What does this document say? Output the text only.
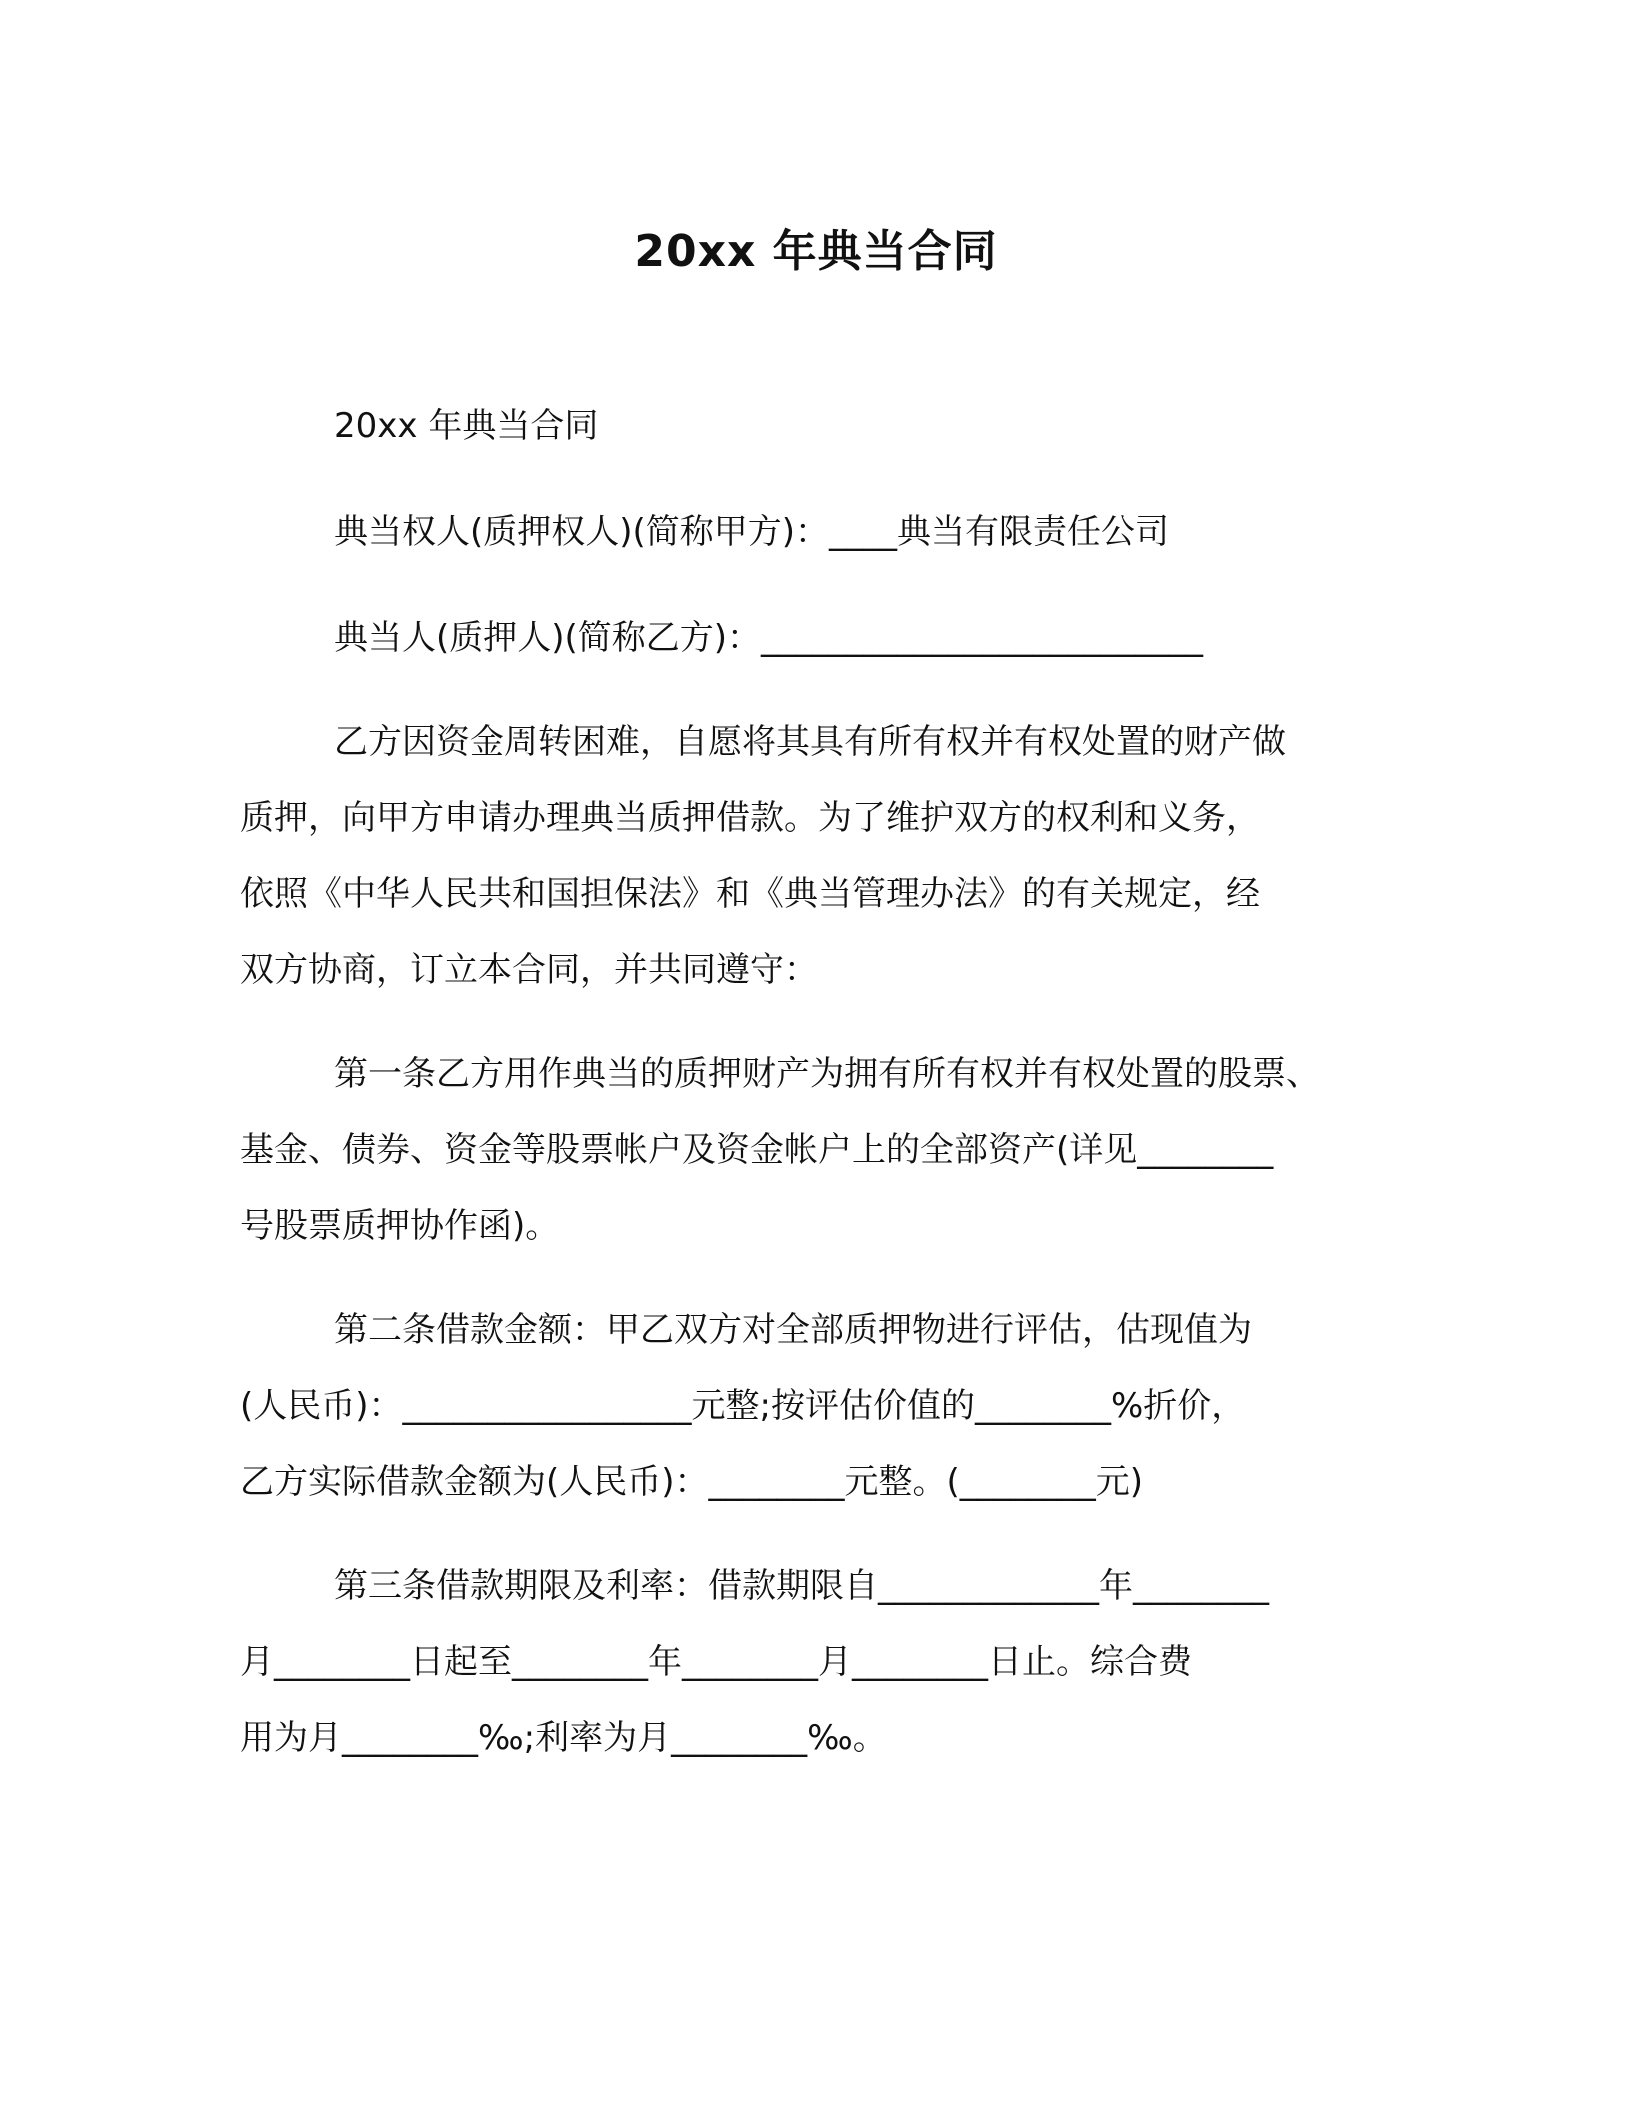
20xx 年典当合同
20xx 年典当合同
典当权人(质押权人)(简称甲方)：____典当有限责任公司
典当人(质押人)(简称乙方)：__________________________
乙方因资金周转困难，自愿将其具有所有权并有权处置的财产做
质押，向甲方申请办理典当质押借款。为了维护双方的权利和义务，
依照《中华人民共和国担保法》和《典当管理办法》的有关规定，经
双方协商，订立本合同，并共同遵守：
第一条乙方用作典当的质押财产为拥有所有权并有权处置的股票、
基金、债券、资金等股票帐户及资金帐户上的全部资产(详见________
号股票质押协作函)。
第二条借款金额：甲乙双方对全部质押物进行评估，估现值为
(人民币)：_________________元整;按评估价值的________%折价，
乙方实际借款金额为(人民币)：________元整。(________元)
第三条借款期限及利率：借款期限自_____________年________
月________日起至________年________月________日止。综合费
用为月________‰;利率为月________‰。
